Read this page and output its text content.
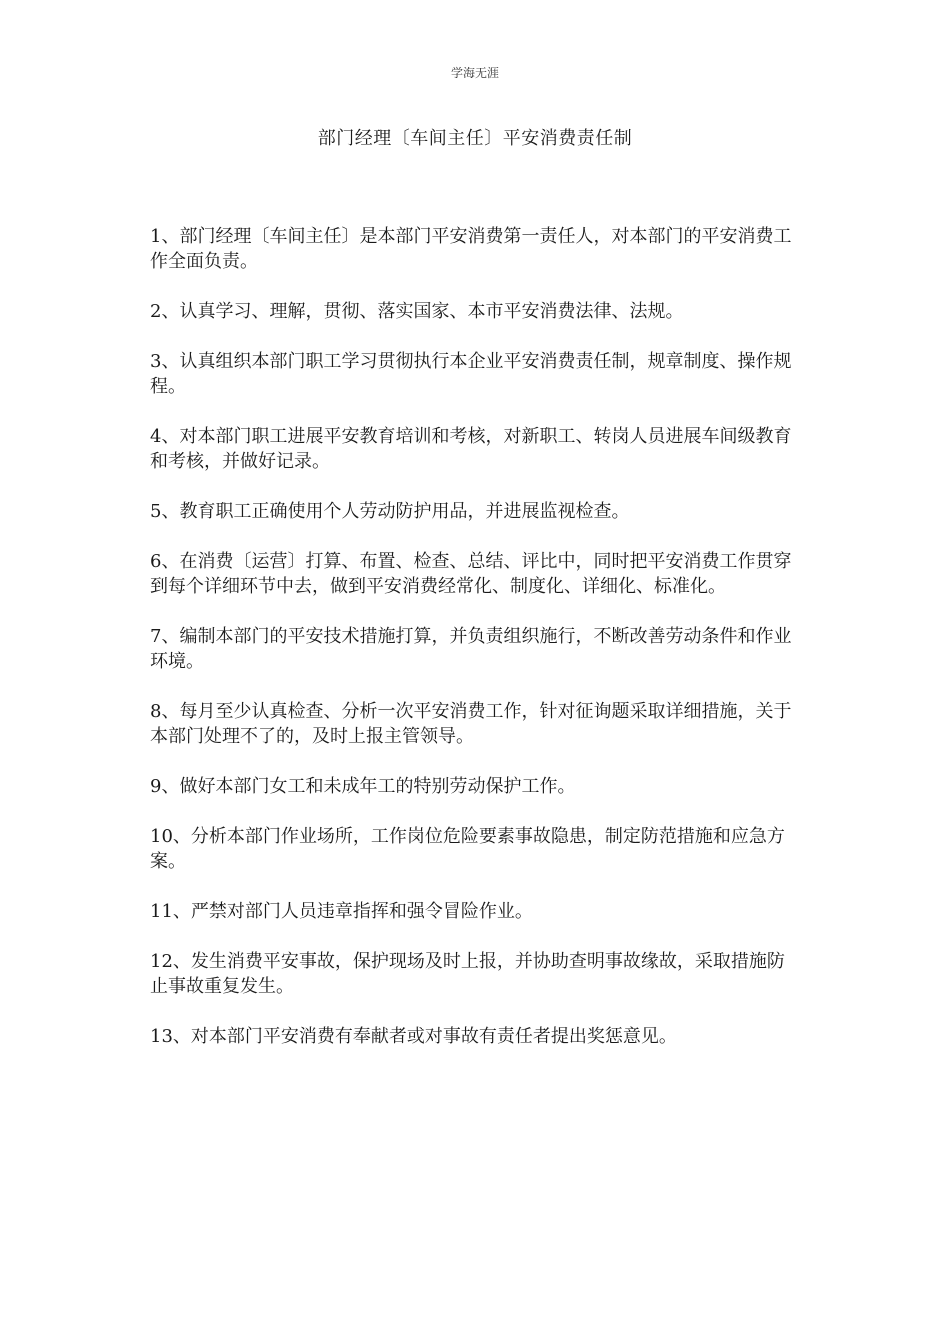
学海无涯
部门经理〔车间主任〕平安消费责任制

1、部门经理〔车间主任〕是本部门平安消费第一责任人，对本部门的平安消费工作全面负责。

2、认真学习、理解，贯彻、落实国家、本市平安消费法律、法规。

3、认真组织本部门职工学习贯彻执行本企业平安消费责任制，规章制度、操作规程。

4、对本部门职工进展平安教育培训和考核，对新职工、转岗人员进展车间级教育和考核，并做好记录。

5、教育职工正确使用个人劳动防护用品，并进展监视检查。

6、在消费〔运营〕打算、布置、检查、总结、评比中，同时把平安消费工作贯穿到每个详细环节中去，做到平安消费经常化、制度化、详细化、标准化。

7、编制本部门的平安技术措施打算，并负责组织施行，不断改善劳动条件和作业环境。

8、每月至少认真检查、分析一次平安消费工作，针对征询题采取详细措施，关于本部门处理不了的，及时上报主管领导。

9、做好本部门女工和未成年工的特别劳动保护工作。

10、分析本部门作业场所，工作岗位危险要素事故隐患，制定防范措施和应急方案。

11、严禁对部门人员违章指挥和强令冒险作业。

12、发生消费平安事故，保护现场及时上报，并协助查明事故缘故，采取措施防止事故重复发生。

13、对本部门平安消费有奉献者或对事故有责任者提出奖惩意见。
